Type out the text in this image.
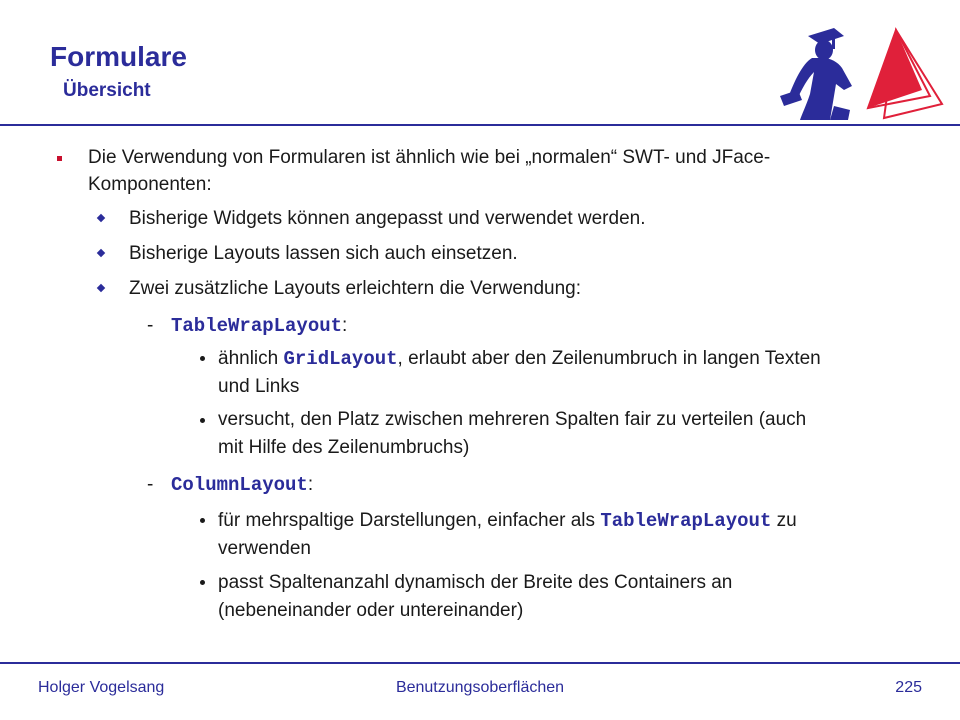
Formulare
Übersicht
Die Verwendung von Formularen ist ähnlich wie bei „normalen“ SWT- und JFace-
Komponenten:
Bisherige Widgets können angepasst und verwendet werden.
Bisherige Layouts lassen sich auch einsetzen.
Zwei zusätzliche Layouts erleichtern die Verwendung:
- TableWrapLayout:
ähnlich GridLayout, erlaubt aber den Zeilenumbruch in langen Texten
und Links
versucht, den Platz zwischen mehreren Spalten fair zu verteilen (auch
mit Hilfe des Zeilenumbruchs)
- ColumnLayout:
für mehrspaltige Darstellungen, einfacher als TableWrapLayout zu
verwenden
passt Spaltenanzahl dynamisch der Breite des Containers an
(nebeneinander oder untereinander)
Holger Vogelsang	Benutzungsoberflächen	225
